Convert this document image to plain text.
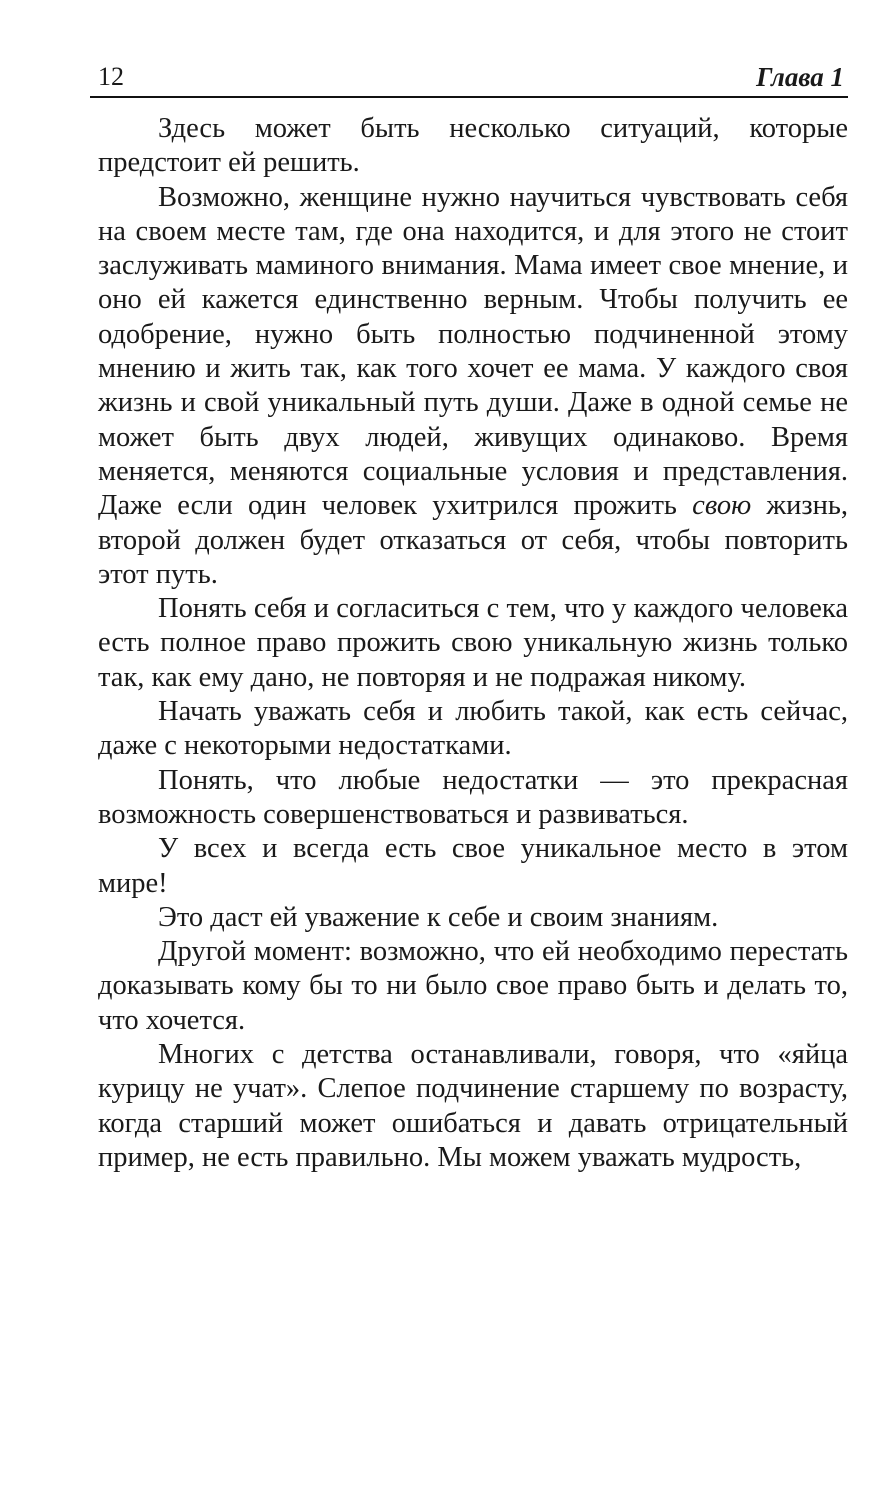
12	Глава 1

Здесь может быть несколько ситуаций, которые предстоит ей решить.

Возможно, женщине нужно научиться чувствовать себя на своем месте там, где она находится, и для этого не стоит заслуживать маминого внимания. Мама имеет свое мнение, и оно ей кажется единственно верным. Чтобы получить ее одобрение, нужно быть полностью подчиненной этому мнению и жить так, как того хочет ее мама. У каждого своя жизнь и свой уникальный путь души. Даже в одной семье не может быть двух людей, живущих одинаково. Время меняется, меняются социальные условия и представления. Даже если один человек ухитрился прожить свою жизнь, второй должен будет отказаться от себя, чтобы повторить этот путь.

Понять себя и согласиться с тем, что у каждого человека есть полное право прожить свою уникальную жизнь только так, как ему дано, не повторяя и не подражая никому.

Начать уважать себя и любить такой, как есть сейчас, даже с некоторыми недостатками.

Понять, что любые недостатки — это прекрасная возможность совершенствоваться и развиваться.

У всех и всегда есть свое уникальное место в этом мире!

Это даст ей уважение к себе и своим знаниям.

Другой момент: возможно, что ей необходимо перестать доказывать кому бы то ни было свое право быть и делать то, что хочется.

Многих с детства останавливали, говоря, что «яйца курицу не учат». Слепое подчинение старшему по возрасту, когда старший может ошибаться и давать отрицательный пример, не есть правильно. Мы можем уважать мудрость,
